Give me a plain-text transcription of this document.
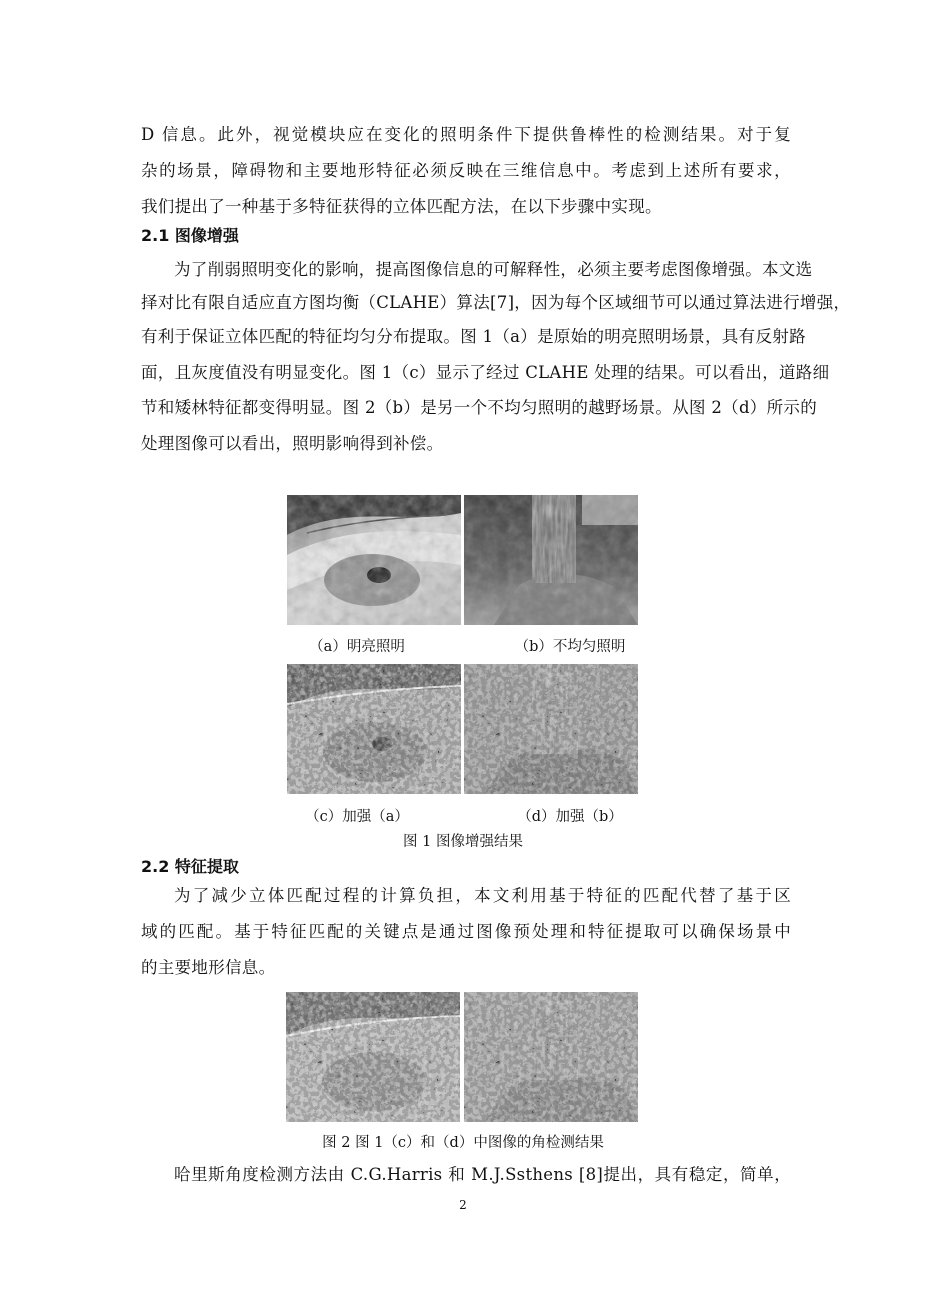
D 信息。此外，视觉模块应在变化的照明条件下提供鲁棒性的检测结果。对于复
杂的场景，障碍物和主要地形特征必须反映在三维信息中。考虑到上述所有要求，
我们提出了一种基于多特征获得的立体匹配方法，在以下步骤中实现。
2.1 图像增强
为了削弱照明变化的影响，提高图像信息的可解释性，必须主要考虑图像增强。本文选
择对比有限自适应直方图均衡（CLAHE）算法[7]，因为每个区域细节可以通过算法进行增强，
有利于保证立体匹配的特征均匀分布提取。图 1（a）是原始的明亮照明场景，具有反射路
面，且灰度值没有明显变化。图 1（c）显示了经过 CLAHE 处理的结果。可以看出，道路细
节和矮林特征都变得明显。图 2（b）是另一个不均匀照明的越野场景。从图 2（d）所示的
处理图像可以看出，照明影响得到补偿。
（a）明亮照明	（b）不均匀照明
（c）加强（a）	（d）加强（b）
图 1 图像增强结果
2.2 特征提取
为了减少立体匹配过程的计算负担，本文利用基于特征的匹配代替了基于区
域的匹配。基于特征匹配的关键点是通过图像预处理和特征提取可以确保场景中
的主要地形信息。
图 2 图 1（c）和（d）中图像的角检测结果
哈里斯角度检测方法由 C.G.Harris 和 M.J.Ssthens [8]提出，具有稳定，简单，
2
